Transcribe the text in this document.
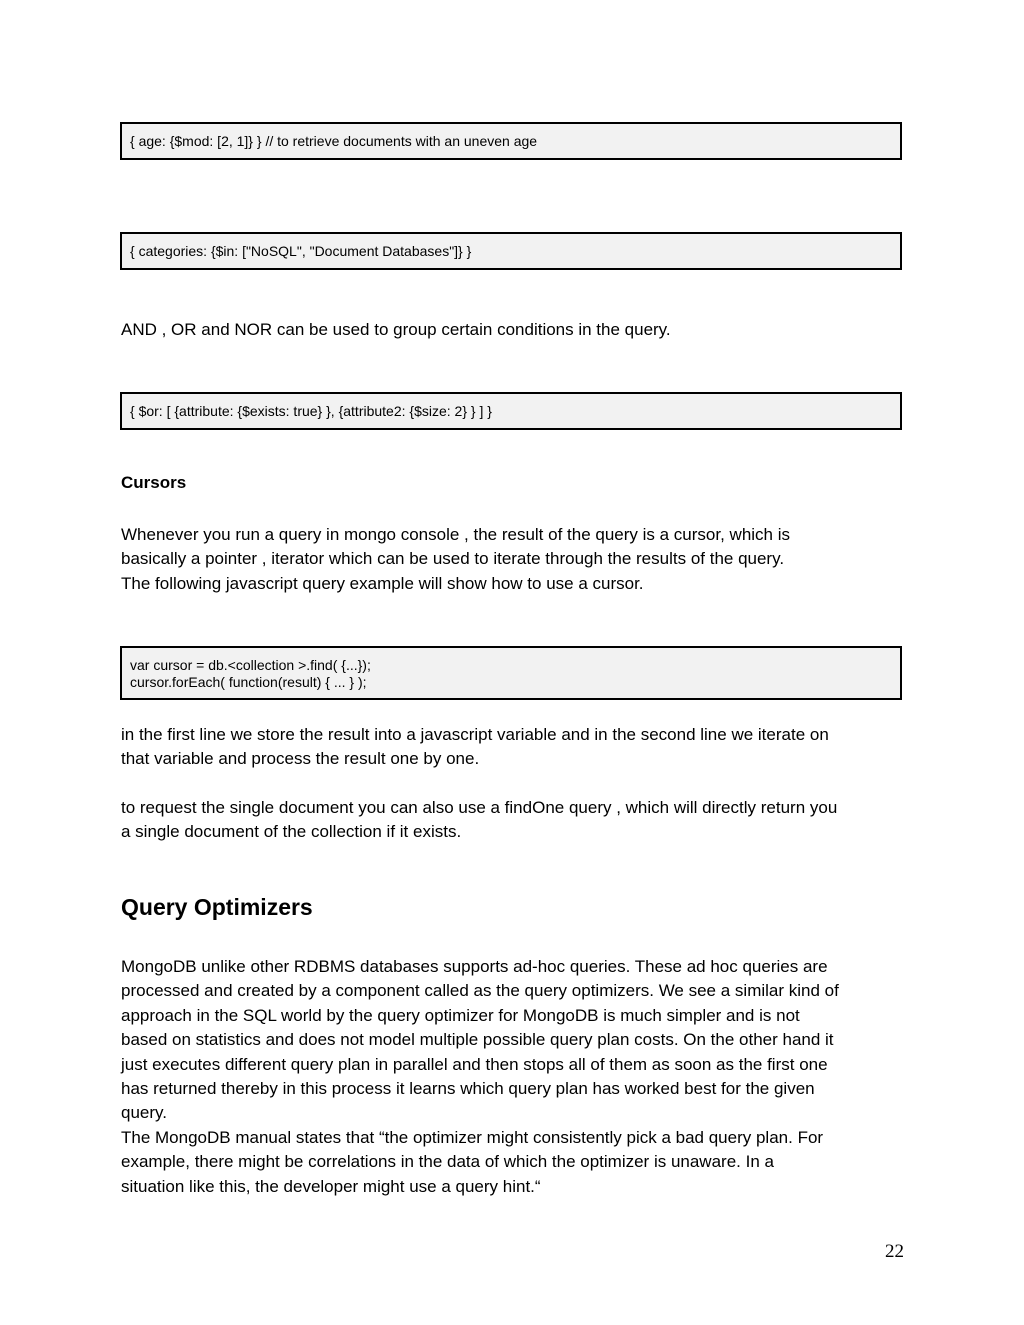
{ age: {$mod: [2, 1]} } // to retrieve documents with an uneven age
{ categories: {$in: ["NoSQL", "Document Databases"]} }

AND , OR and NOR can be used to group certain conditions in the query.

{ $or: [ {attribute: {$exists: true} }, {attribute2: {$size: 2} } ] }
Cursors

Whenever you run a query in mongo console , the result of the query is a cursor, which is
basically a pointer , iterator which can be used to iterate through the results of the query.
The following javascript query example will show how to use a cursor.

var cursor = db.<collection >.find( {...});
cursor.forEach( function(result) { ... } );

in the first line we store the result into a javascript variable and in the second line we iterate on
that variable and process the result one by one.

to request the single document you can also use a findOne query , which will directly return you
a single document of the collection if it exists.

Query Optimizers

MongoDB unlike other RDBMS databases supports ad-hoc queries. These ad hoc queries are
processed and created by a component called as the query optimizers. We see a similar kind of
approach in the SQL world by the query optimizer for MongoDB is much simpler and is not
based on statistics and does not model multiple possible query plan costs. On the other hand it
just executes different query plan in parallel and then stops all of them as soon as the first one
has returned thereby in this process it learns which query plan has worked best for the given
query.
The MongoDB manual states that “the optimizer might consistently pick a bad query plan. For
example, there might be correlations in the data of which the optimizer is unaware. In a
situation like this, the developer might use a query hint.“

22
